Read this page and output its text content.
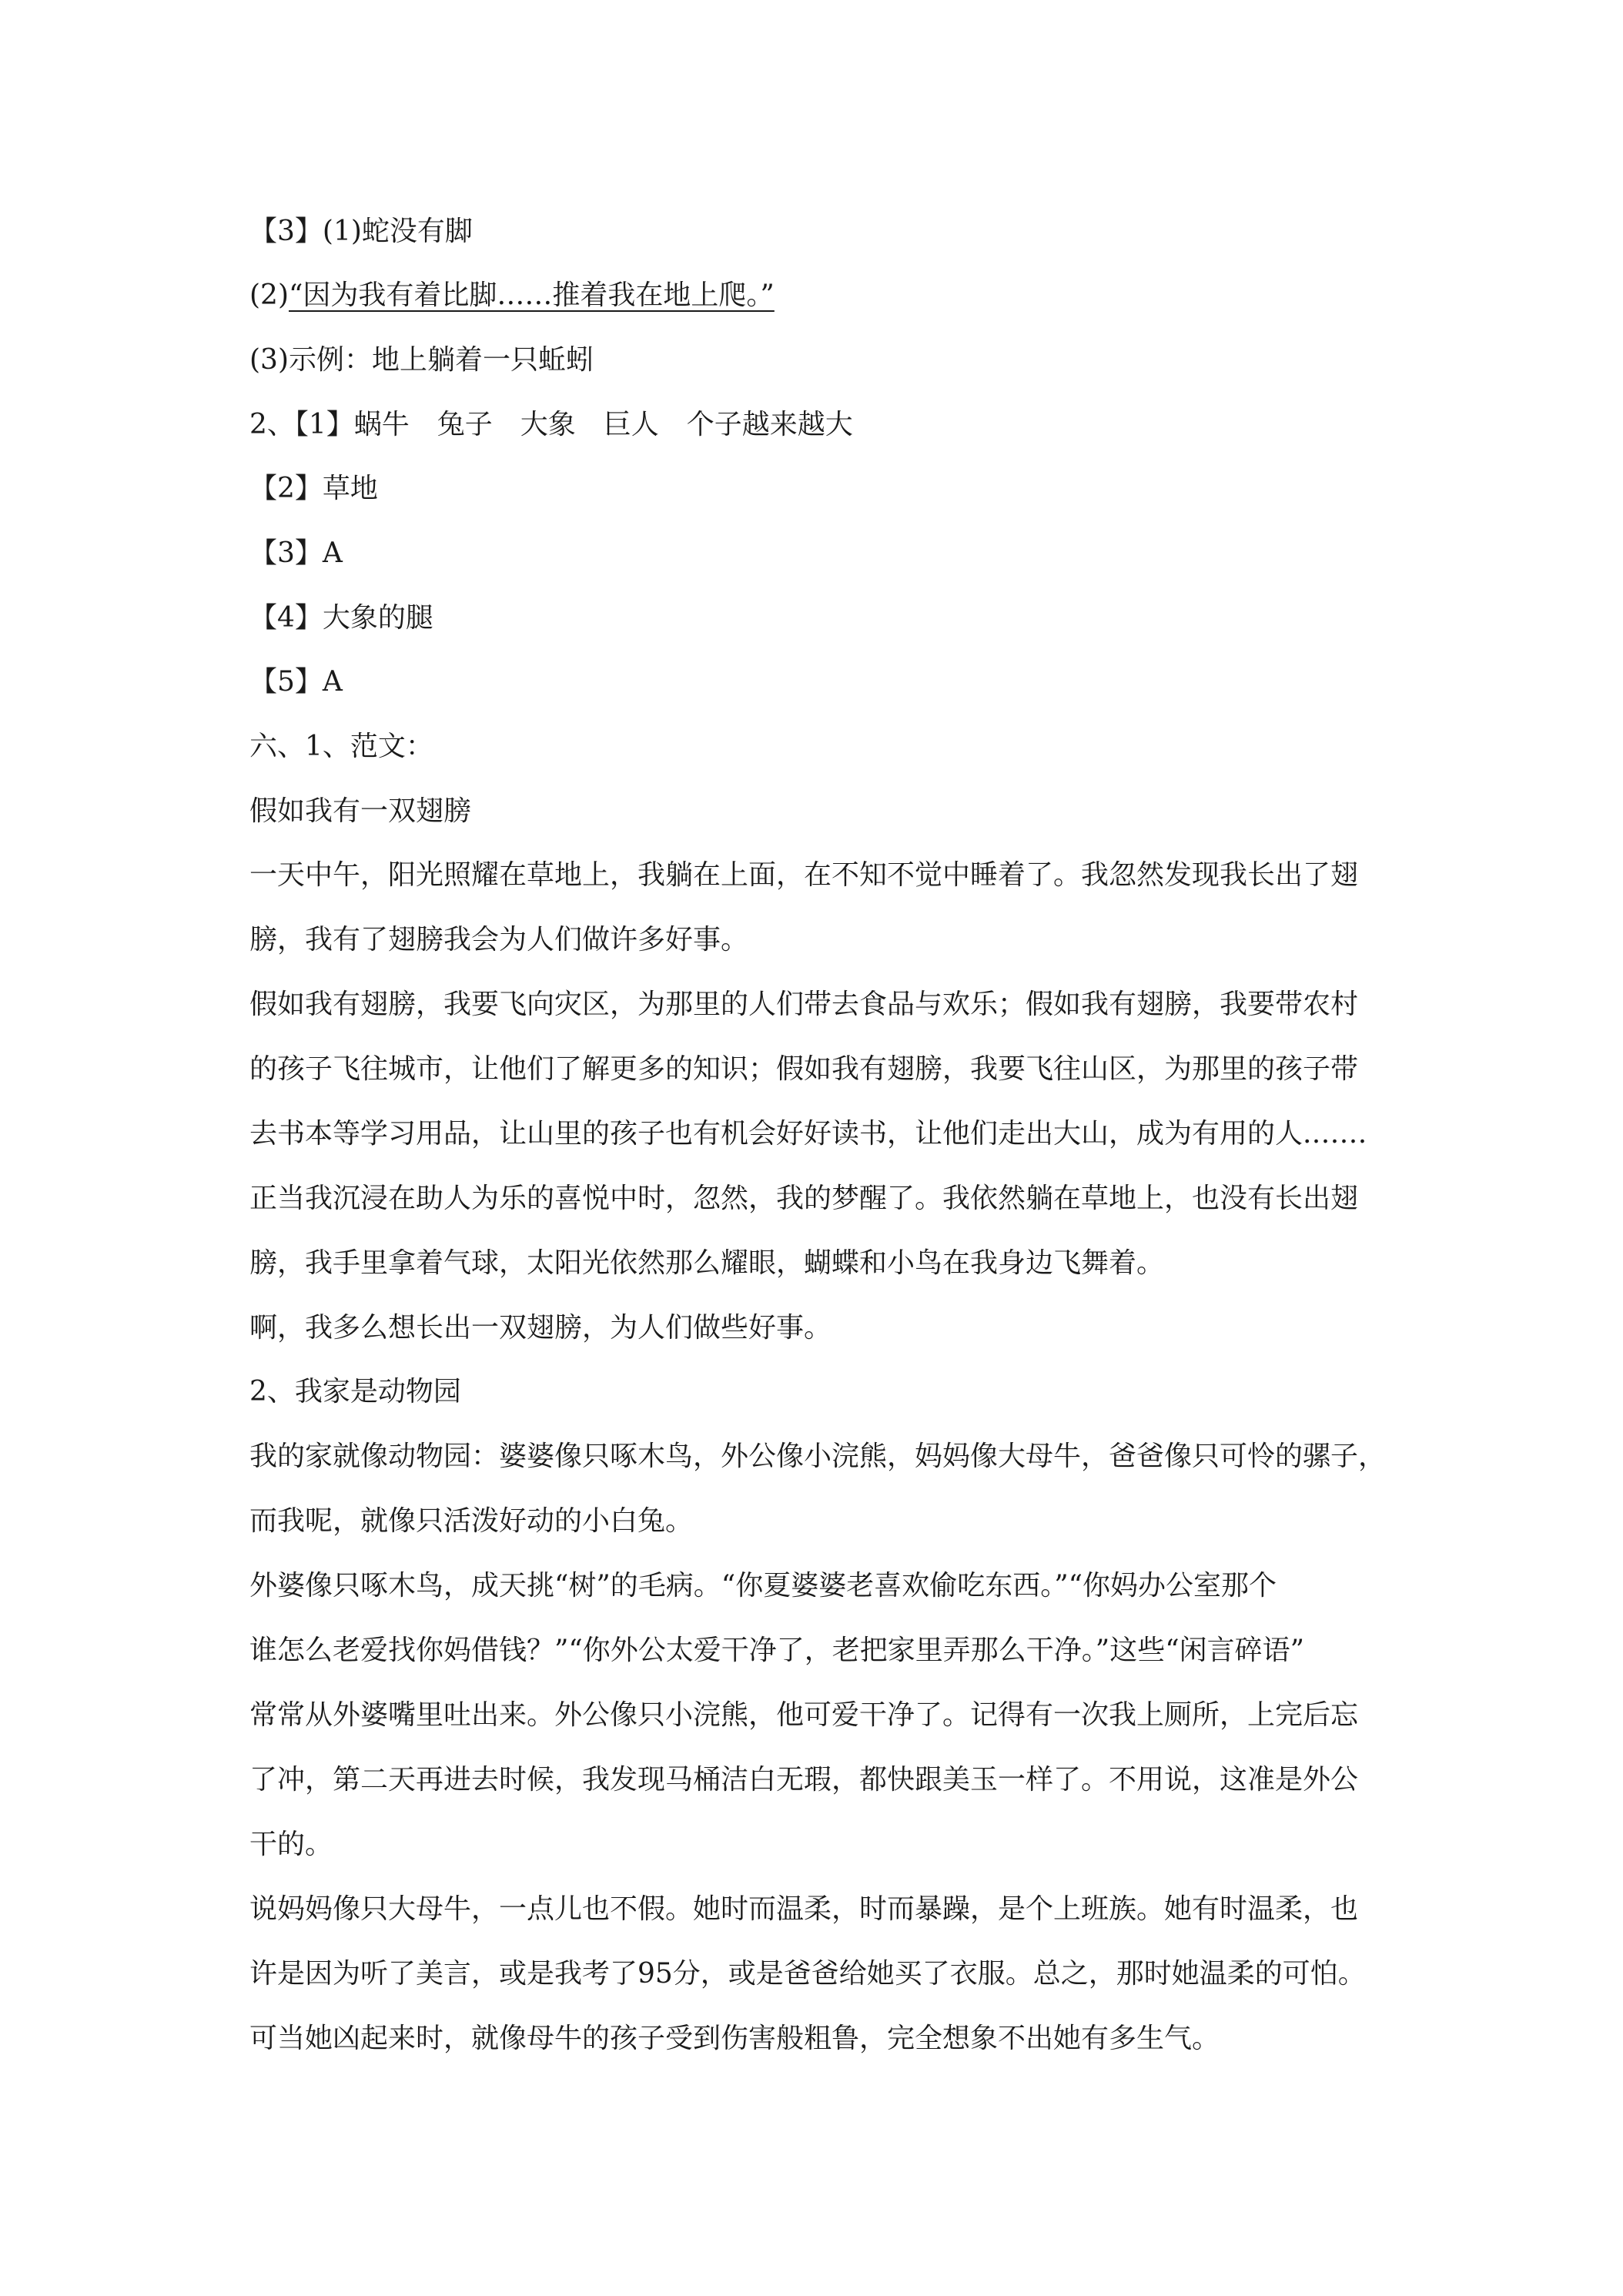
【3】(1)蛇没有脚
(2)“因为我有着比脚……推着我在地上爬。”
(3)示例：地上躺着一只蚯蚓
2、【1】蜗牛　兔子　大象　巨人　个子越来越大
【2】草地
【3】A
【4】大象的腿
【5】A
六、1、范文：
假如我有一双翅膀
一天中午，阳光照耀在草地上，我躺在上面，在不知不觉中睡着了。我忽然发现我长出了翅
膀，我有了翅膀我会为人们做许多好事。
假如我有翅膀，我要飞向灾区，为那里的人们带去食品与欢乐；假如我有翅膀，我要带农村
的孩子飞往城市，让他们了解更多的知识；假如我有翅膀，我要飞往山区，为那里的孩子带
去书本等学习用品，让山里的孩子也有机会好好读书，让他们走出大山，成为有用的人.……
正当我沉浸在助人为乐的喜悦中时，忽然，我的梦醒了。我依然躺在草地上，也没有长出翅
膀，我手里拿着气球，太阳光依然那么耀眼，蝴蝶和小鸟在我身边飞舞着。
啊，我多么想长出一双翅膀，为人们做些好事。
2、我家是动物园
我的家就像动物园：婆婆像只啄木鸟，外公像小浣熊，妈妈像大母牛，爸爸像只可怜的骡子，
而我呢，就像只活泼好动的小白兔。
外婆像只啄木鸟，成天挑“树”的毛病。“你夏婆婆老喜欢偷吃东西。”“你妈办公室那个
谁怎么老爱找你妈借钱？”“你外公太爱干净了，老把家里弄那么干净。”这些“闲言碎语”
常常从外婆嘴里吐出来。外公像只小浣熊，他可爱干净了。记得有一次我上厕所，上完后忘
了冲，第二天再进去时候，我发现马桶洁白无瑕，都快跟美玉一样了。不用说，这准是外公
干的。
说妈妈像只大母牛，一点儿也不假。她时而温柔，时而暴躁，是个上班族。她有时温柔，也
许是因为听了美言，或是我考了95分，或是爸爸给她买了衣服。总之，那时她温柔的可怕。
可当她凶起来时，就像母牛的孩子受到伤害般粗鲁，完全想象不出她有多生气。
